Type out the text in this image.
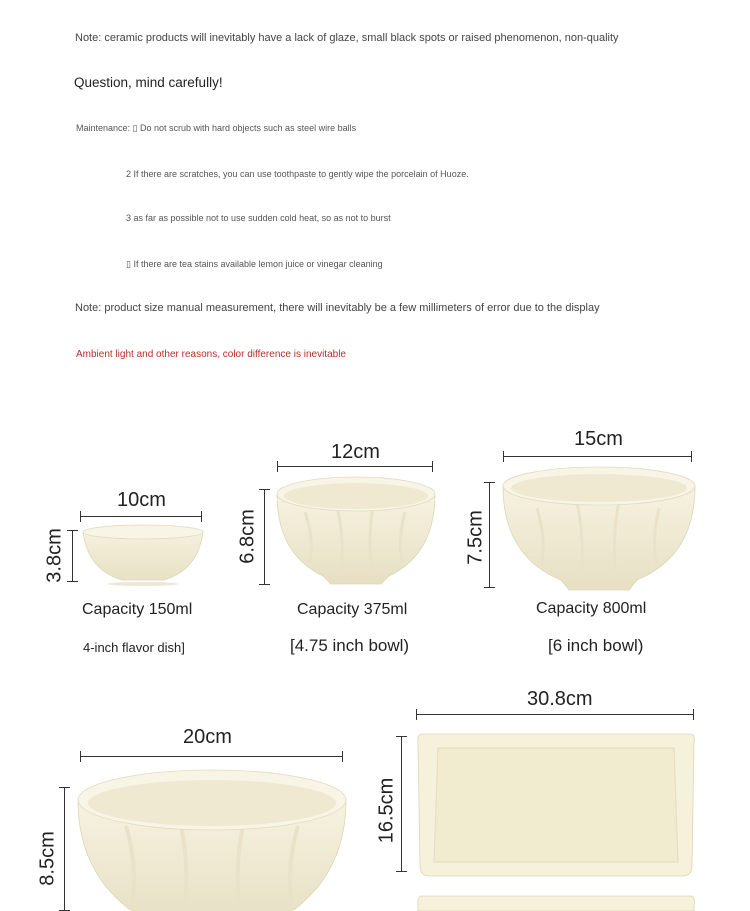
Note: ceramic products will inevitably have a lack of glaze, small black spots or raised phenomenon, non-quality
Question, mind carefully!
Maintenance: ▯ Do not scrub with hard objects such as steel wire balls
2 If there are scratches, you can use toothpaste to gently wipe the porcelain of Huoze.
3 as far as possible not to use sudden cold heat, so as not to burst
▯ If there are tea stains available lemon juice or vinegar cleaning
Note: product size manual measurement, there will inevitably be a few millimeters of error due to the display
Ambient light and other reasons, color difference is inevitable
10cm
3.8cm
Capacity 150ml
4-inch flavor dish]
12cm
6.8cm
Capacity 375ml
[4.75 inch bowl)
15cm
7.5cm
Capacity 800ml
[6 inch bowl)
20cm
8.5cm
30.8cm
16.5cm
